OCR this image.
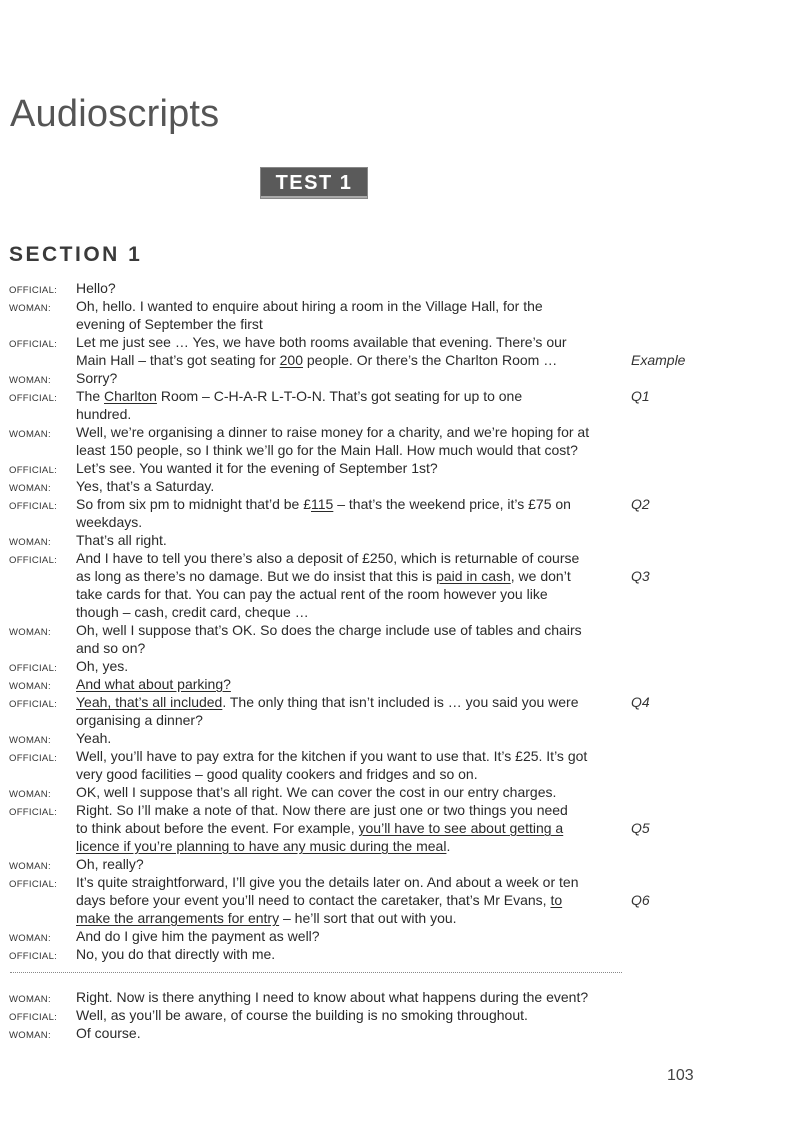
Audioscripts
TEST 1
SECTION 1
OFFICIAL: Hello?
WOMAN: Oh, hello. I wanted to enquire about hiring a room in the Village Hall, for the
evening of September the first
OFFICIAL: Let me just see … Yes, we have both rooms available that evening. There’s our
Main Hall – that’s got seating for 200 people. Or there’s the Charlton Room …	Example
WOMAN: Sorry?
OFFICIAL: The Charlton Room – C-H-A-R L-T-O-N. That’s got seating for up to one	Q1
hundred.
WOMAN: Well, we’re organising a dinner to raise money for a charity, and we’re hoping for at
least 150 people, so I think we’ll go for the Main Hall. How much would that cost?
OFFICIAL: Let’s see. You wanted it for the evening of September 1st?
WOMAN: Yes, that’s a Saturday.
OFFICIAL: So from six pm to midnight that’d be £115 – that’s the weekend price, it’s £75 on	Q2
weekdays.
WOMAN: That’s all right.
OFFICIAL: And I have to tell you there’s also a deposit of £250, which is returnable of course
as long as there’s no damage. But we do insist that this is paid in cash, we don’t	Q3
take cards for that. You can pay the actual rent of the room however you like
though – cash, credit card, cheque …
WOMAN: Oh, well I suppose that’s OK. So does the charge include use of tables and chairs
and so on?
OFFICIAL: Oh, yes.
WOMAN: And what about parking?
OFFICIAL: Yeah, that’s all included. The only thing that isn’t included is … you said you were	Q4
organising a dinner?
WOMAN: Yeah.
OFFICIAL: Well, you’ll have to pay extra for the kitchen if you want to use that. It’s £25. It’s got
very good facilities – good quality cookers and fridges and so on.
WOMAN: OK, well I suppose that’s all right. We can cover the cost in our entry charges.
OFFICIAL: Right. So I’ll make a note of that. Now there are just one or two things you need
to think about before the event. For example, you’ll have to see about getting a	Q5
licence if you’re planning to have any music during the meal.
WOMAN: Oh, really?
OFFICIAL: It’s quite straightforward, I’ll give you the details later on. And about a week or ten
days before your event you’ll need to contact the caretaker, that’s Mr Evans, to	Q6
make the arrangements for entry – he’ll sort that out with you.
WOMAN: And do I give him the payment as well?
OFFICIAL: No, you do that directly with me.
WOMAN: Right. Now is there anything I need to know about what happens during the event?
OFFICIAL: Well, as you’ll be aware, of course the building is no smoking throughout.
WOMAN: Of course.
103
